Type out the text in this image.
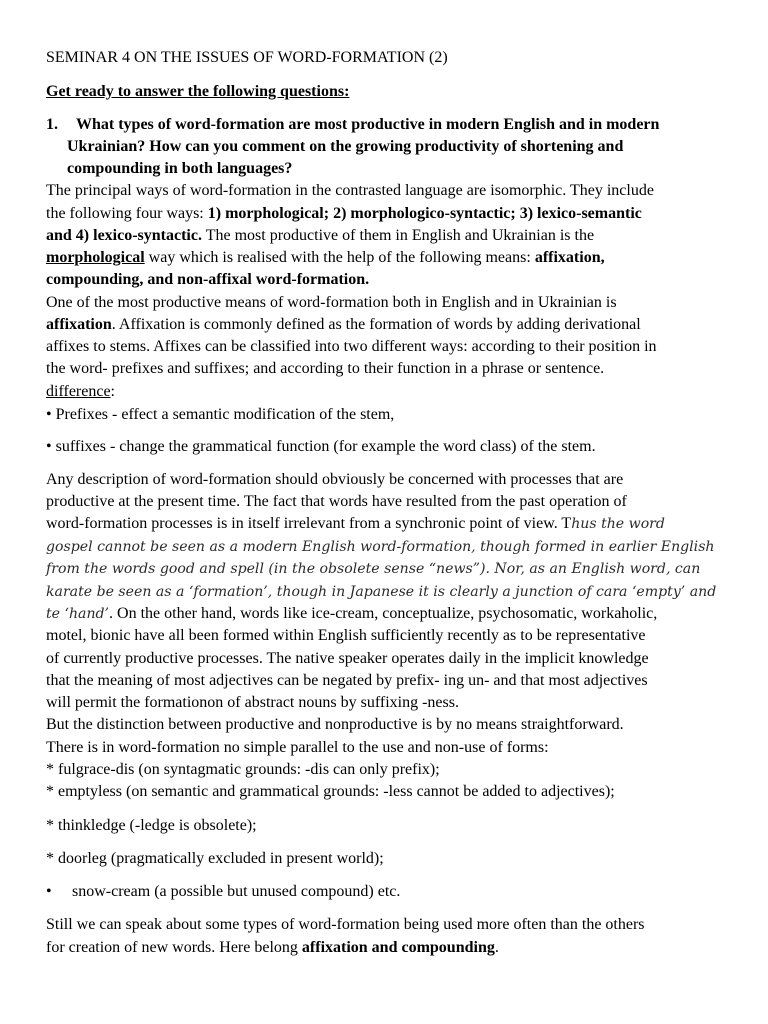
SEMINAR 4 ON THE ISSUES OF WORD-FORMATION (2)
Get ready to answer the following questions:
1. What types of word-formation are most productive in modern English and in modern
Ukrainian? How can you comment on the growing productivity of shortening and
compounding in both languages?
The principal ways of word-formation in the contrasted language are isomorphic. They include
the following four ways: 1) morphological; 2) morphologico-syntactic; 3) lexico-semantic
and 4) lexico-syntactic. The most productive of them in English and Ukrainian is the
morphological way which is realised with the help of the following means: affixation,
compounding, and non-affixal word-formation.
One of the most productive means of word-formation both in English and in Ukrainian is
affixation. Affixation is commonly defined as the formation of words by adding derivational
affixes to stems. Affixes can be classified into two different ways: according to their position in
the word- prefixes and suffixes; and according to their function in a phrase or sentence.
difference:
• Prefixes - effect a semantic modification of the stem,
• suffixes - change the grammatical function (for example the word class) of the stem.
Any description of word-formation should obviously be concerned with processes that are
productive at the present time. The fact that words have resulted from the past operation of
word-formation processes is in itself irrelevant from a synchronic point of view. Thus the word
gospel cannot be seen as a modern English word-formation, though formed in earlier English
from the words good and spell (in the obsolete sense “news”). Nor, as an English word, can
karate be seen as a ‘formation’, though in Japanese it is clearly a junction of cara ‘empty’ and
te ‘hand’. On the other hand, words like ice-cream, conceptualize, psychosomatic, workaholic,
motel, bionic have all been formed within English sufficiently recently as to be representative
of currently productive processes. The native speaker operates daily in the implicit knowledge
that the meaning of most adjectives can be negated by prefix- ing un- and that most adjectives
will permit the formationon of abstract nouns by suffixing -ness.
But the distinction between productive and nonproductive is by no means straightforward.
There is in word-formation no simple parallel to the use and non-use of forms:
* fulgrace-dis (on syntagmatic grounds: -dis can only prefix);
* emptyless (on semantic and grammatical grounds: -less cannot be added to adjectives);
* thinkledge (-ledge is obsolete);
* doorleg (pragmatically excluded in present world);
• snow-cream (a possible but unused compound) etc.
Still we can speak about some types of word-formation being used more often than the others
for creation of new words. Here belong affixation and compounding.
